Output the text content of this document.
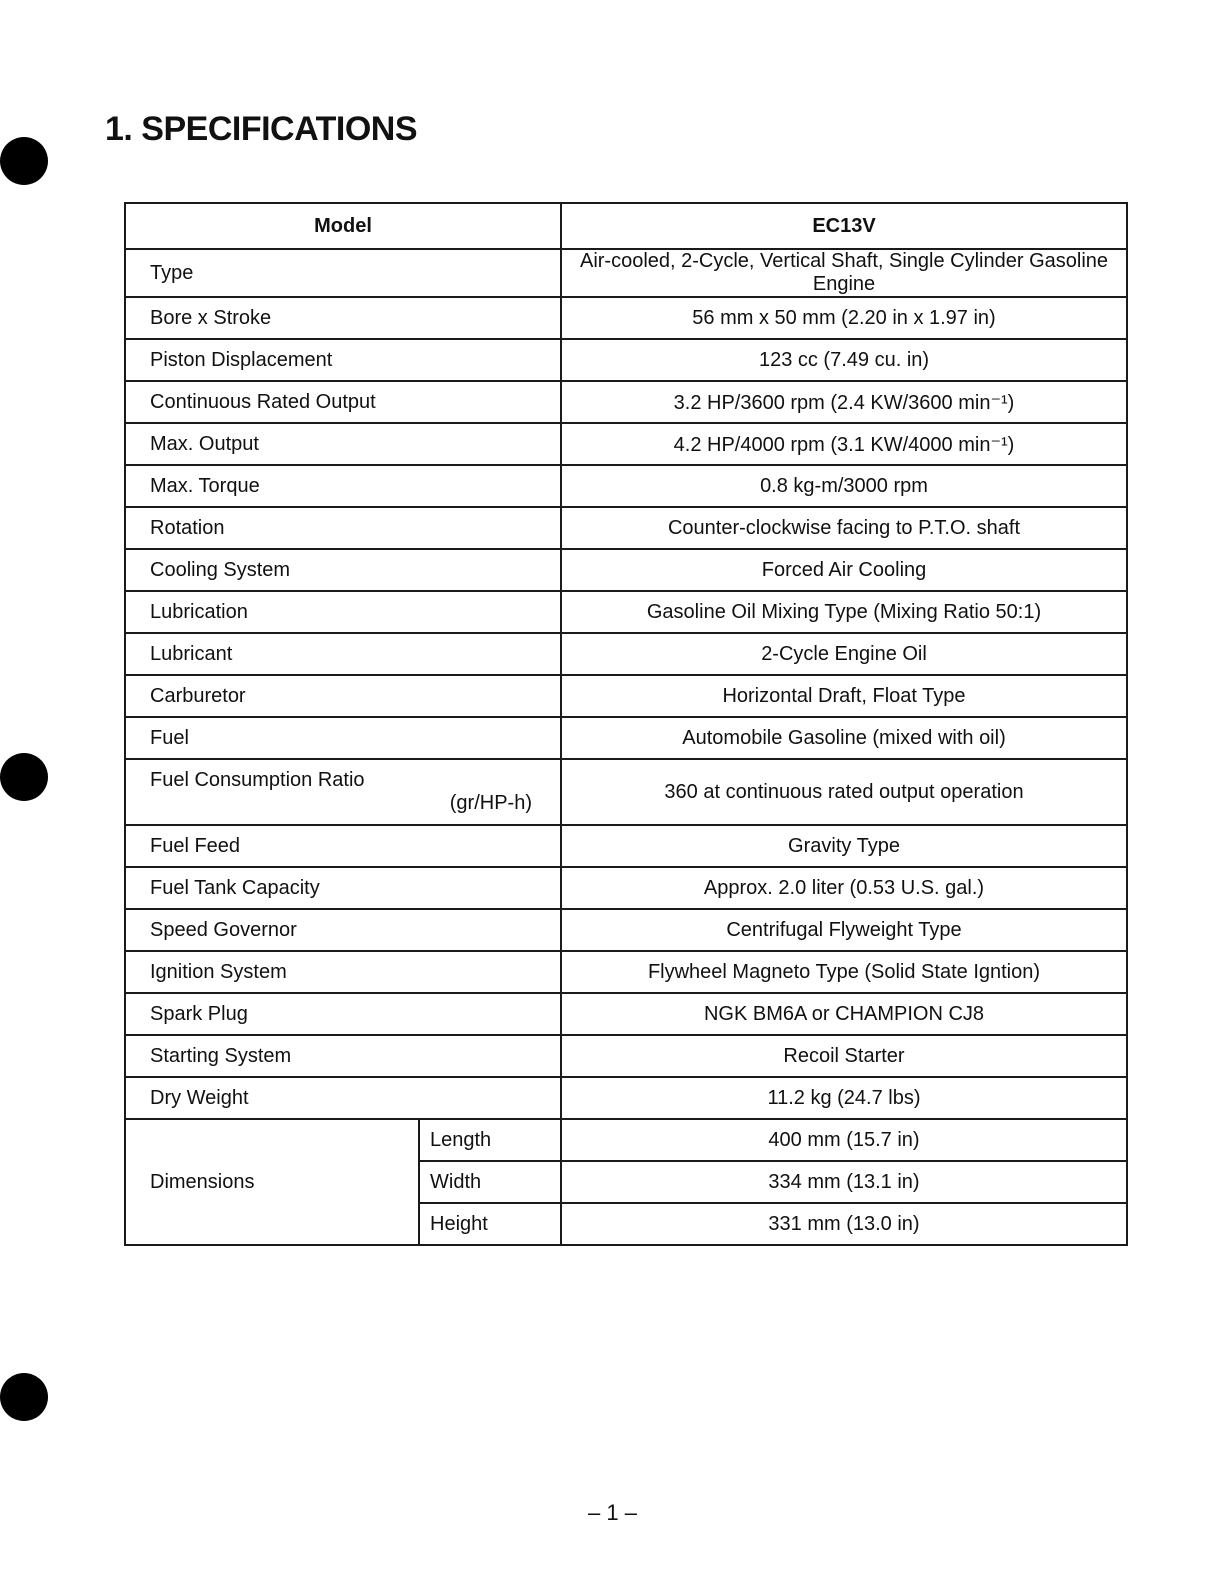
1. SPECIFICATIONS
Model		EC13V
Type		Air-cooled, 2-Cycle, Vertical Shaft, Single Cylinder Gasoline Engine
Bore x Stroke		56 mm x 50 mm (2.20 in x 1.97 in)
Piston Displacement		123 cc (7.49 cu. in)
Continuous Rated Output		3.2 HP/3600 rpm (2.4 KW/3600 min⁻¹)
Max. Output		4.2 HP/4000 rpm (3.1 KW/4000 min⁻¹)
Max. Torque		0.8 kg-m/3000 rpm
Rotation		Counter-clockwise facing to P.T.O. shaft
Cooling System		Forced Air Cooling
Lubrication		Gasoline Oil Mixing Type (Mixing Ratio 50:1)
Lubricant		2-Cycle Engine Oil
Carburetor		Horizontal Draft, Float Type
Fuel		Automobile Gasoline (mixed with oil)
Fuel Consumption Ratio
(gr/HP-h)		360 at continuous rated output operation
Fuel Feed		Gravity Type
Fuel Tank Capacity		Approx. 2.0 liter (0.53 U.S. gal.)
Speed Governor		Centrifugal Flyweight Type
Ignition System		Flywheel Magneto Type (Solid State Igntion)
Spark Plug		NGK BM6A or CHAMPION CJ8
Starting System		Recoil Starter
Dry Weight		11.2 kg (24.7 lbs)
Dimensions	Length	400 mm (15.7 in)
	Width	334 mm (13.1 in)
	Height	331 mm (13.0 in)
– 1 –
